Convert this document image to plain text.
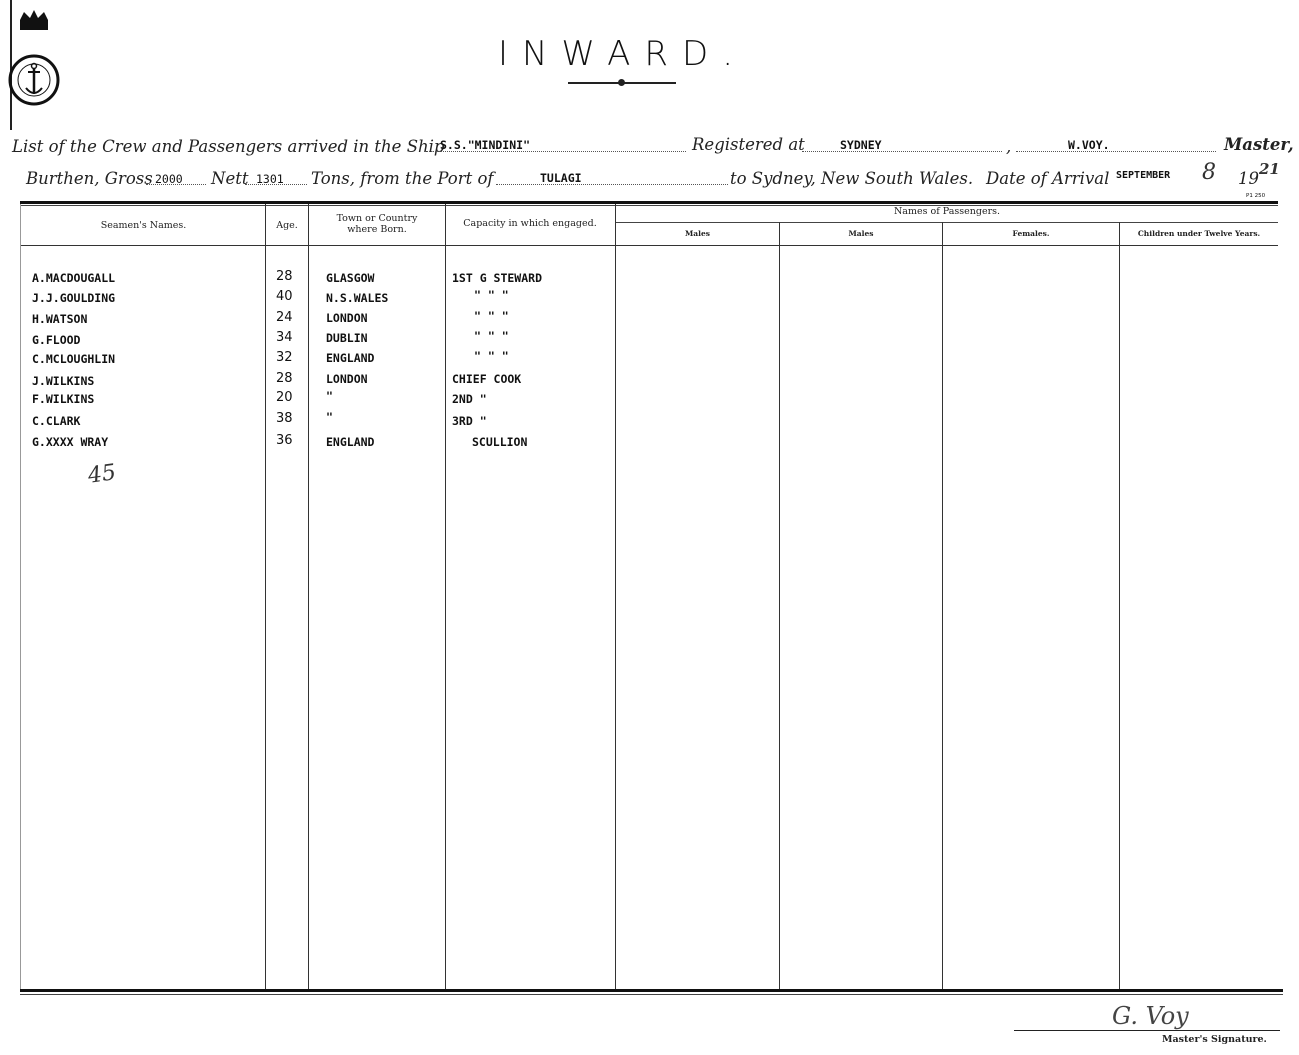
INWARD.
List of the Crew and Passengers arrived in the Ship
S.S."MINDINI"	Registered at	SYDNEY	,	W.VOY.	Master,
Burthen, Gross 2000 Nett 1301 Tons, from the Port of	TULAGI	to Sydney, New South Wales. Date of Arrival SEPTEMBER 8 19 21
P1 250
Seamen's Names.	Age.
Town or Country where Born.
Capacity in which engaged.
Names of Passengers.
Males	Males	Females.	Children under Twelve Years.
A.MACDOUGALL	28	GLASGOW	1ST G STEWARD
J.J.GOULDING	40	N.S.WALES	" " "
H.WATSON	24	LONDON	" " "
G.FLOOD	34	DUBLIN	" " "
C.MCLOUGHLIN	32	ENGLAND	" " "
J.WILKINS	28	LONDON	CHIEF COOK
F.WILKINS	20	"	2ND "
C.CLARK	38	"	3RD "
G.XXXX WRAY	36	ENGLAND	SCULLION
45
G. Voy
Master's Signature.
